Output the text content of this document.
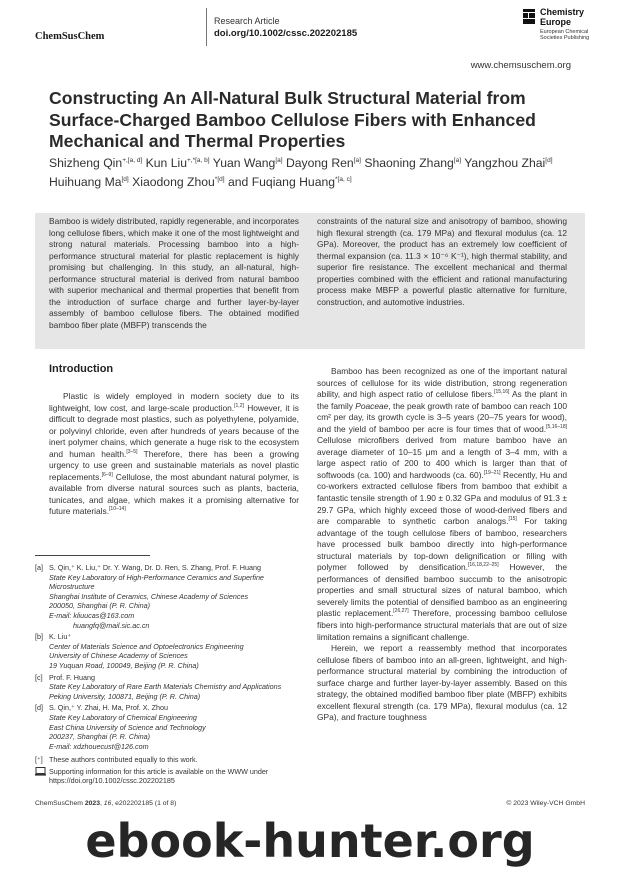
ChemSusChem
Research Article
doi.org/10.1002/cssc.202202185
Chemistry
Europe
European Chemical
Societies Publishing
www.chemsuschem.org
Constructing An All-Natural Bulk Structural Material from Surface-Charged Bamboo Cellulose Fibers with Enhanced Mechanical and Thermal Properties
Shizheng Qin$^{+,[a, d]}$ Kun Liu$^{+,*[a, b]}$ Yuan Wang[a] Dayong Ren[a] Shaoning Zhang[a] Yangzhou Zhai[d] Huihuang Ma[d] Xiaodong Zhou$^{*[d]}$ and Fuqiang Huang$^{*[a, c]}$
Bamboo is widely distributed, rapidly regenerable, and incorporates long cellulose fibers, which make it one of the most lightweight and strong natural materials. Processing bamboo into a high-performance structural material for plastic replacement is highly promising but challenging. In this study, an all-natural, high-performance structural material is derived from natural bamboo with superior mechanical and thermal properties that benefit from the introduction of surface charge and further layer-by-layer assembly of bamboo cellulose fibers. The obtained modified bamboo fiber plate (MBFP) transcends the
constraints of the natural size and anisotropy of bamboo, showing high flexural strength (ca. 179 MPa) and flexural modulus (ca. 12 GPa). Moreover, the product has an extremely low coefficient of thermal expansion (ca. 11.3 × 10⁻⁶ K⁻¹), high thermal stability, and superior fire resistance. The excellent mechanical and thermal properties combined with the efficient and rational manufacturing process make MBFP a powerful plastic alternative for furniture, construction, and automotive industries.
Introduction

Plastic is widely employed in modern society due to its lightweight, low cost, and large-scale production.[1,2] However, it is difficult to degrade most plastics, such as polyethylene, polyamide, or polyvinyl chloride, even after hundreds of years because of the inert polymer chains, which generate a huge risk to the ecosystem and human health.[3–5] Therefore, there has been a growing urgency to use green and sustainable materials as novel plastic replacements.[6–9] Cellulose, the most abundant natural polymer, is available from diverse natural sources such as plants, bacteria, tunicates, and algae, which makes it a promising alternative for future materials.[10–14]

Bamboo has been recognized as one of the important natural sources of cellulose for its wide distribution, strong regeneration ability, and high aspect ratio of cellulose fibers.[15,16] As the plant in the family Poaceae, the peak growth rate of bamboo can reach 100 cm² per day, its growth cycle is 3–5 years (20–75 years for wood), and the yield of bamboo per acre is four times that of wood.[5,16–18] Cellulose microfibers derived from mature bamboo have an average diameter of 10–15 μm and a length of 3–4 mm, with a large aspect ratio of 200 to 400 which is larger than that of softwoods (ca. 100) and hardwoods (ca. 60).[19–21] Recently, Hu and co-workers extracted cellulose fibers from bamboo that exhibit a fantastic tensile strength of 1.90 ± 0.32 GPa and modulus of 91.3 ± 29.7 GPa, which highly exceed those of wood-derived fibers and are comparable to synthetic carbon analogs.[15] For taking advantage of the tough cellulose fibers of bamboo, researchers have processed bulk bamboo directly into high-performance structural materials by top-down delignification or filling with polymer followed by densification.[16,18,22–25] However, the performances of densified bamboo succumb to the anisotropic properties and small structural sizes of natural bamboo, which severely limits the potential of densified bamboo as an engineering plastic replacement.[26,27] Therefore, processing bamboo cellulose fibers into high-performance structural materials that are out of size limitation remains a significant challenge.

Herein, we report a reassembly method that incorporates cellulose fibers of bamboo into an all-green, lightweight, and high-performance structural material by combining the introduction of surface charge and further layer-by-layer assembly. Based on this strategy, the obtained modified bamboo fiber plate (MBFP) exhibits excellent flexural strength (ca. 179 MPa), flexural modulus (ca. 12 GPa), and fracture toughness

[a] S. Qin,⁺ K. Liu,⁺ Dr. Y. Wang, Dr. D. Ren, S. Zhang, Prof. F. Huang
State Key Laboratory of High-Performance Ceramics and Superfine Microstructure
Shanghai Institute of Ceramics, Chinese Academy of Sciences
200050, Shanghai (P. R. China)
E-mail: kliuucas@163.com
huangfq@mail.sic.ac.cn
[b] K. Liu⁺
Center of Materials Science and Optoelectronics Engineering
University of Chinese Academy of Sciences
19 Yuquan Road, 100049, Beijing (P. R. China)
[c] Prof. F. Huang
State Key Laboratory of Rare Earth Materials Chemistry and Applications
Peking University, 100871, Beijing (P. R. China)
[d] S. Qin,⁺ Y. Zhai, H. Ma, Prof. X. Zhou
State Key Laboratory of Chemical Engineering
East China University of Science and Technology
200237, Shanghai (P. R. China)
E-mail: xdzhouecust@126.com
[⁺] These authors contributed equally to this work.
Supporting information for this article is available on the WWW under https://doi.org/10.1002/cssc.202202185
ChemSusChem 2023, 16, e202202185 (1 of 8)	© 2023 Wiley-VCH GmbH
ebook-hunter.org
